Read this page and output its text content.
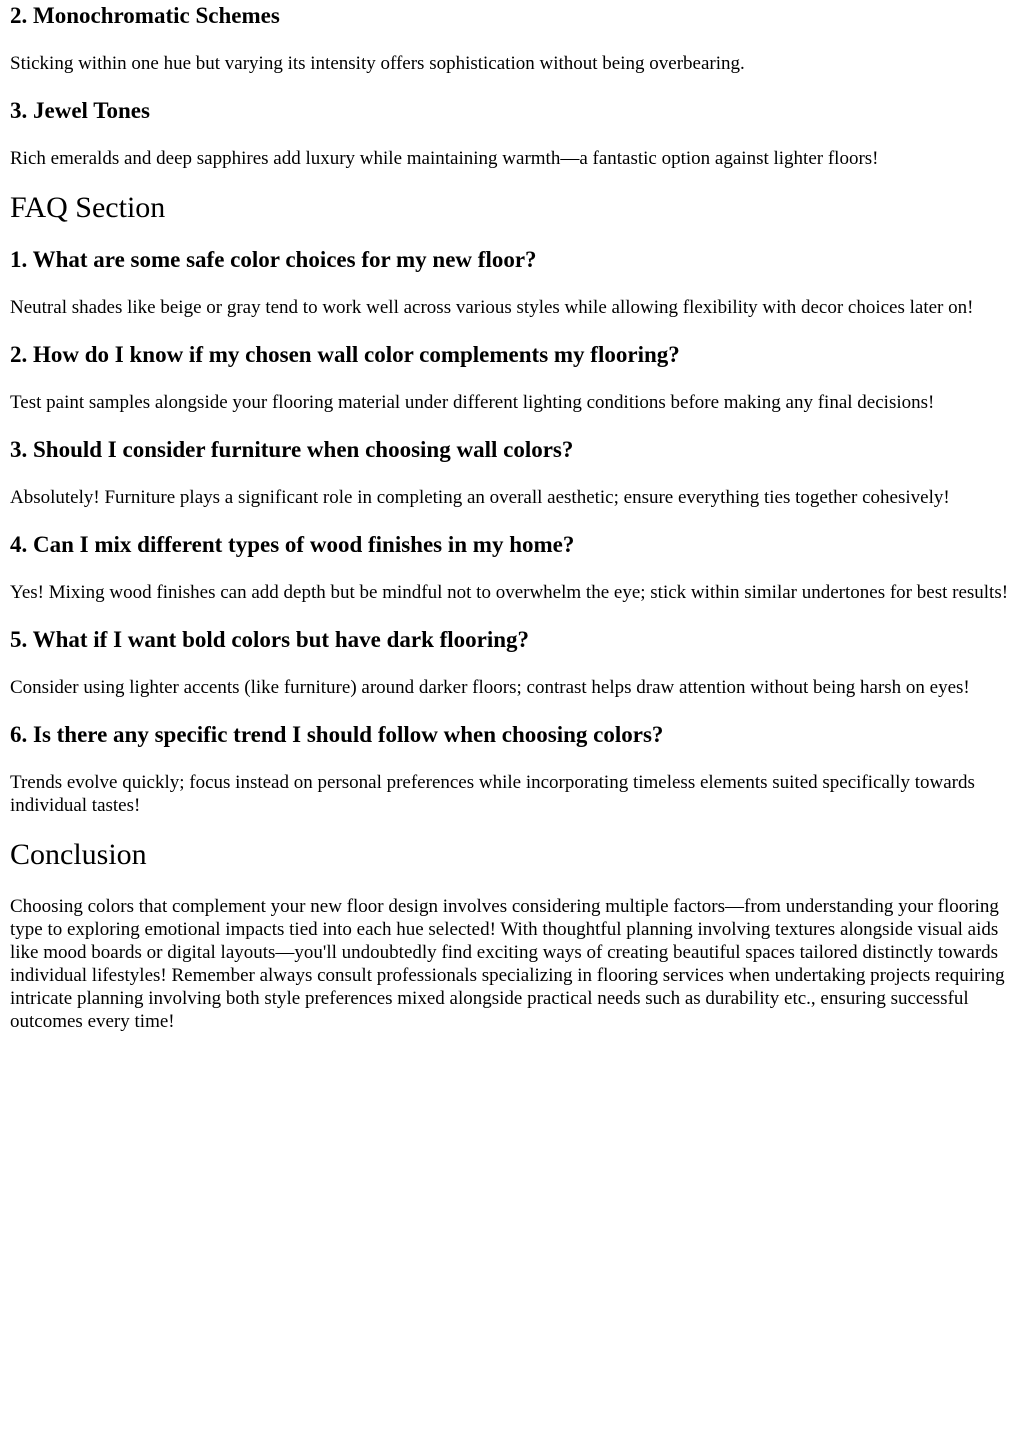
2. Monochromatic Schemes

Sticking within one hue but varying its intensity offers sophistication without being overbearing.

3. Jewel Tones

Rich emeralds and deep sapphires add luxury while maintaining warmth—a fantastic option against lighter floors!

FAQ Section
1. What are some safe color choices for my new floor?

Neutral shades like beige or gray tend to work well across various styles while allowing flexibility with decor choices later on!

2. How do I know if my chosen wall color complements my flooring?

Test paint samples alongside your flooring material under different lighting conditions before making any final decisions!

3. Should I consider furniture when choosing wall colors?

Absolutely! Furniture plays a significant role in completing an overall aesthetic; ensure everything ties together cohesively!

4. Can I mix different types of wood finishes in my home?

Yes! Mixing wood finishes can add depth but be mindful not to overwhelm the eye; stick within similar undertones for best results!

5. What if I want bold colors but have dark flooring?

Consider using lighter accents (like furniture) around darker floors; contrast helps draw attention without being harsh on eyes!

6. Is there any specific trend I should follow when choosing colors?

Trends evolve quickly; focus instead on personal preferences while incorporating timeless elements suited specifically towards individual tastes!

Conclusion

Choosing colors that complement your new floor design involves considering multiple factors—from understanding your flooring type to exploring emotional impacts tied into each hue selected! With thoughtful planning involving textures alongside visual aids like mood boards or digital layouts—you'll undoubtedly find exciting ways of creating beautiful spaces tailored distinctly towards individual lifestyles! Remember always consult professionals specializing in flooring services when undertaking projects requiring intricate planning involving both style preferences mixed alongside practical needs such as durability etc., ensuring successful outcomes every time!
